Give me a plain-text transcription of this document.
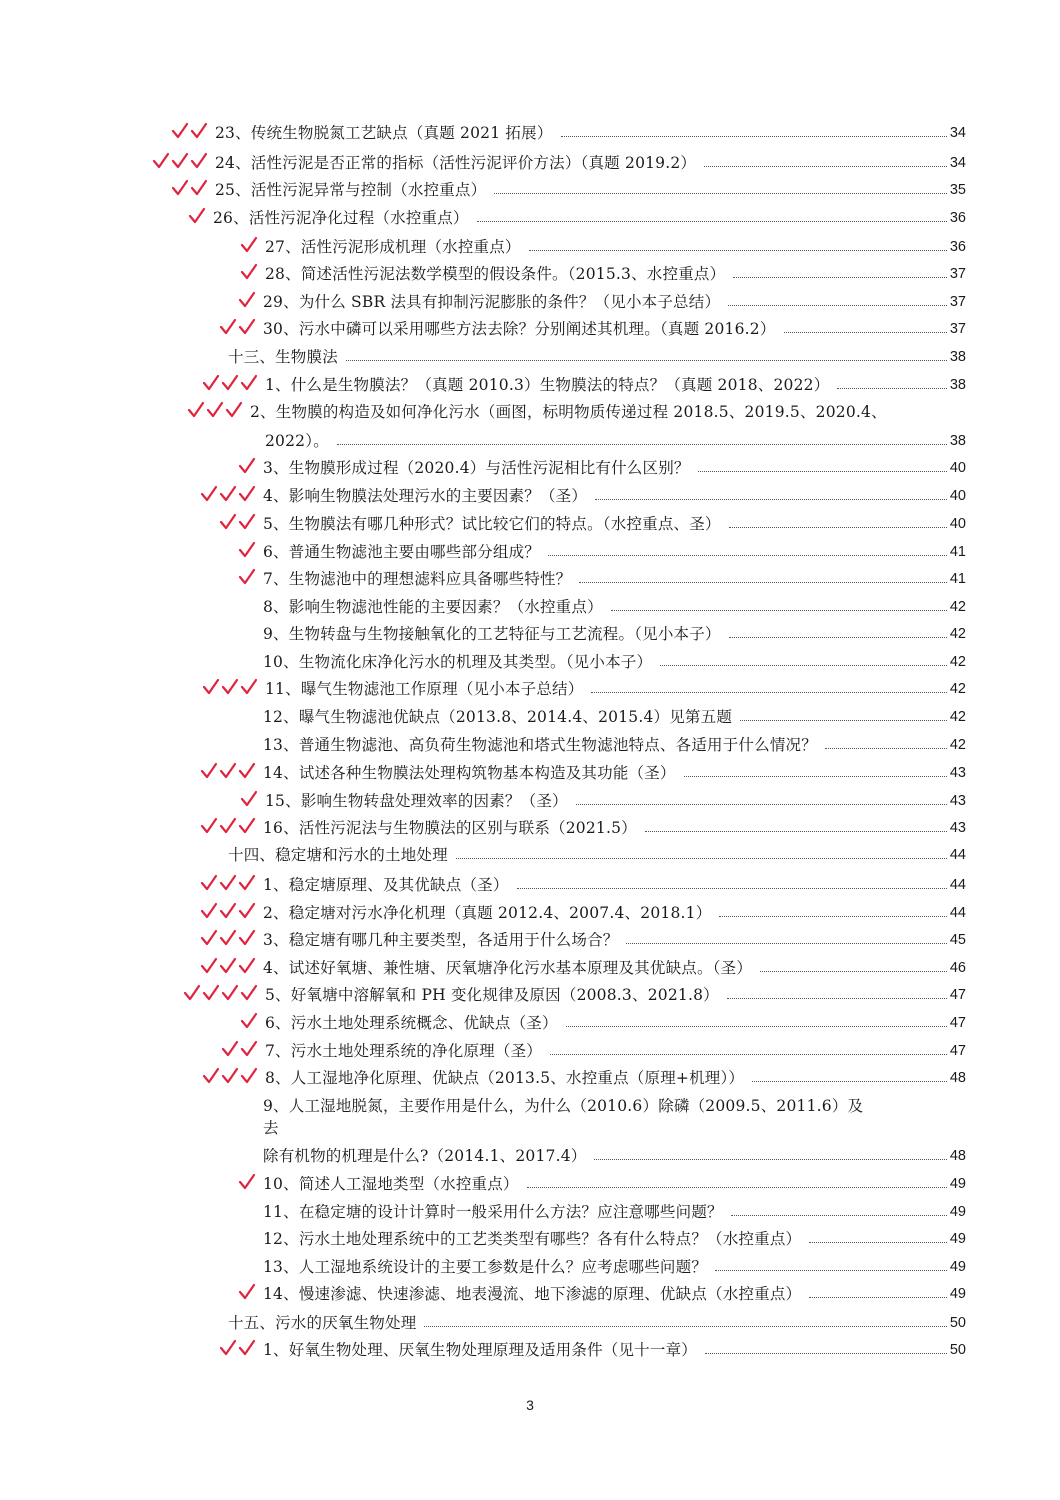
23、传统生物脱氮工艺缺点（真题 2021 拓展）	34
24、活性污泥是否正常的指标（活性污泥评价方法）（真题 2019.2）	34
25、活性污泥异常与控制（水控重点）	35
26、活性污泥净化过程（水控重点）	36
27、活性污泥形成机理（水控重点）	36
28、简述活性污泥法数学模型的假设条件。（2015.3、水控重点）	37
29、为什么 SBR 法具有抑制污泥膨胀的条件？（见小本子总结）	37
30、污水中磷可以采用哪些方法去除？分别阐述其机理。（真题 2016.2）	37
十三、生物膜法	38
1、什么是生物膜法？（真题 2010.3）生物膜法的特点？（真题 2018、2022）	38
2、生物膜的构造及如何净化污水（画图，标明物质传递过程 2018.5、2019.5、2020.4、
2022）。	38
3、生物膜形成过程（2020.4）与活性污泥相比有什么区别？	40
4、影响生物膜法处理污水的主要因素？（圣）	40
5、生物膜法有哪几种形式？试比较它们的特点。（水控重点、圣）	40
6、普通生物滤池主要由哪些部分组成？	41
7、生物滤池中的理想滤料应具备哪些特性？	41
8、影响生物滤池性能的主要因素？（水控重点）	42
9、生物转盘与生物接触氧化的工艺特征与工艺流程。（见小本子）	42
10、生物流化床净化污水的机理及其类型。（见小本子）	42
11、曝气生物滤池工作原理（见小本子总结）	42
12、曝气生物滤池优缺点（2013.8、2014.4、2015.4）见第五题	42
13、普通生物滤池、高负荷生物滤池和塔式生物滤池特点、各适用于什么情况？	42
14、试述各种生物膜法处理构筑物基本构造及其功能（圣）	43
15、影响生物转盘处理效率的因素？（圣）	43
16、活性污泥法与生物膜法的区别与联系（2021.5）	43
十四、稳定塘和污水的土地处理	44
1、稳定塘原理、及其优缺点（圣）	44
2、稳定塘对污水净化机理（真题 2012.4、2007.4、2018.1）	44
3、稳定塘有哪几种主要类型，各适用于什么场合？	45
4、试述好氧塘、兼性塘、厌氧塘净化污水基本原理及其优缺点。（圣）	46
5、好氧塘中溶解氧和 PH 变化规律及原因（2008.3、2021.8）	47
6、污水土地处理系统概念、优缺点（圣）	47
7、污水土地处理系统的净化原理（圣）	47
8、人工湿地净化原理、优缺点（2013.5、水控重点（原理+机理））	48
9、人工湿地脱氮，主要作用是什么，为什么（2010.6）除磷（2009.5、2011.6）及
去
除有机物的机理是什么?（2014.1、2017.4）	48
10、简述人工湿地类型（水控重点）	49
11、在稳定塘的设计计算时一般采用什么方法？应注意哪些问题？	49
12、污水土地处理系统中的工艺类类型有哪些？各有什么特点？（水控重点）	49
13、人工湿地系统设计的主要工参数是什么？应考虑哪些问题？	49
14、慢速渗滤、快速渗滤、地表漫流、地下渗滤的原理、优缺点（水控重点）	49
十五、污水的厌氧生物处理	50
1、好氧生物处理、厌氧生物处理原理及适用条件（见十一章）	50
3
